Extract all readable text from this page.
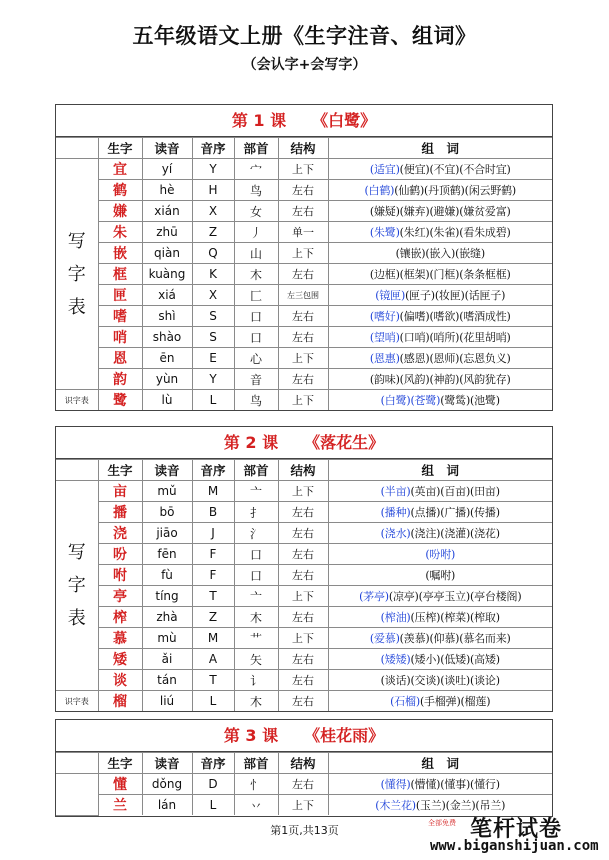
五年级语文上册《生字注音、组词》
（会认字+会写字）
第 1 课 《白鹭》
	生字	读音	音序	部首	结构	组　词

写
字
表	宜	yí	Y	宀	上下	(适宜)(便宜)(不宜)(不合时宜)
	鹤	hè	H	鸟	左右	(白鹤)(仙鹤)(丹顶鹤)(闲云野鹤)
	嫌	xián	X	女	左右	(嫌疑)(嫌弃)(避嫌)(嫌贫爱富)
	朱	zhū	Z	丿	单一	(朱鹭)(朱红)(朱雀)(看朱成碧)
	嵌	qiàn	Q	山	上下	(镶嵌)(嵌入)(嵌缝)
	框	kuàng	K	木	左右	(边框)(框架)(门框)(条条框框)
	匣	xiá	X	匚	左三包围	(镜匣)(匣子)(妆匣)(话匣子)
	嗜	shì	S	口	左右	(嗜好)(偏嗜)(嗜欲)(嗜酒成性)
	哨	shào	S	口	左右	(望哨)(口哨)(哨所)(花里胡哨)
	恩	ēn	E	心	上下	(恩惠)(感恩)(恩师)(忘恩负义)
	韵	yùn	Y	音	左右	(韵味)(风韵)(神韵)(风韵犹存)
识字表	鹭	lù	L	鸟	上下	(白鹭)(苍鹭)(鹭鸶)(池鹭)
第 2 课 《落花生》
	生字	读音	音序	部首	结构	组　词

写
字
表	亩	mǔ	M	亠	上下	(半亩)(英亩)(百亩)(田亩)
	播	bō	B	扌	左右	(播种)(点播)(广播)(传播)
	浇	jiāo	J	氵	左右	(浇水)(浇注)(浇灌)(浇花)
	吩	fēn	F	口	左右	(吩咐)
	咐	fù	F	口	左右	(嘱咐)
	亭	tíng	T	亠	上下	(茅亭)(凉亭)(亭亭玉立)(亭台楼阁)
	榨	zhà	Z	木	左右	(榨油)(压榨)(榨菜)(榨取)
	慕	mù	M	艹	上下	(爱慕)(羡慕)(仰慕)(慕名而来)
	矮	ǎi	A	矢	左右	(矮矮)(矮小)(低矮)(高矮)
	谈	tán	T	讠	左右	(谈话)(交谈)(谈吐)(谈论)
识字表	榴	liú	L	木	左右	(石榴)(手榴弹)(榴莲)
第 3 课 《桂花雨》
	生字	读音	音序	部首	结构	组　词
	懂	dǒng	D	忄	左右	(懂得)(懵懂)(懂事)(懂行)
	兰	lán	L	丷	上下	(木兰花)(玉兰)(金兰)(吊兰)
第1页,共13页
全部免费 笔杆试卷
www.biganshijuan.com
